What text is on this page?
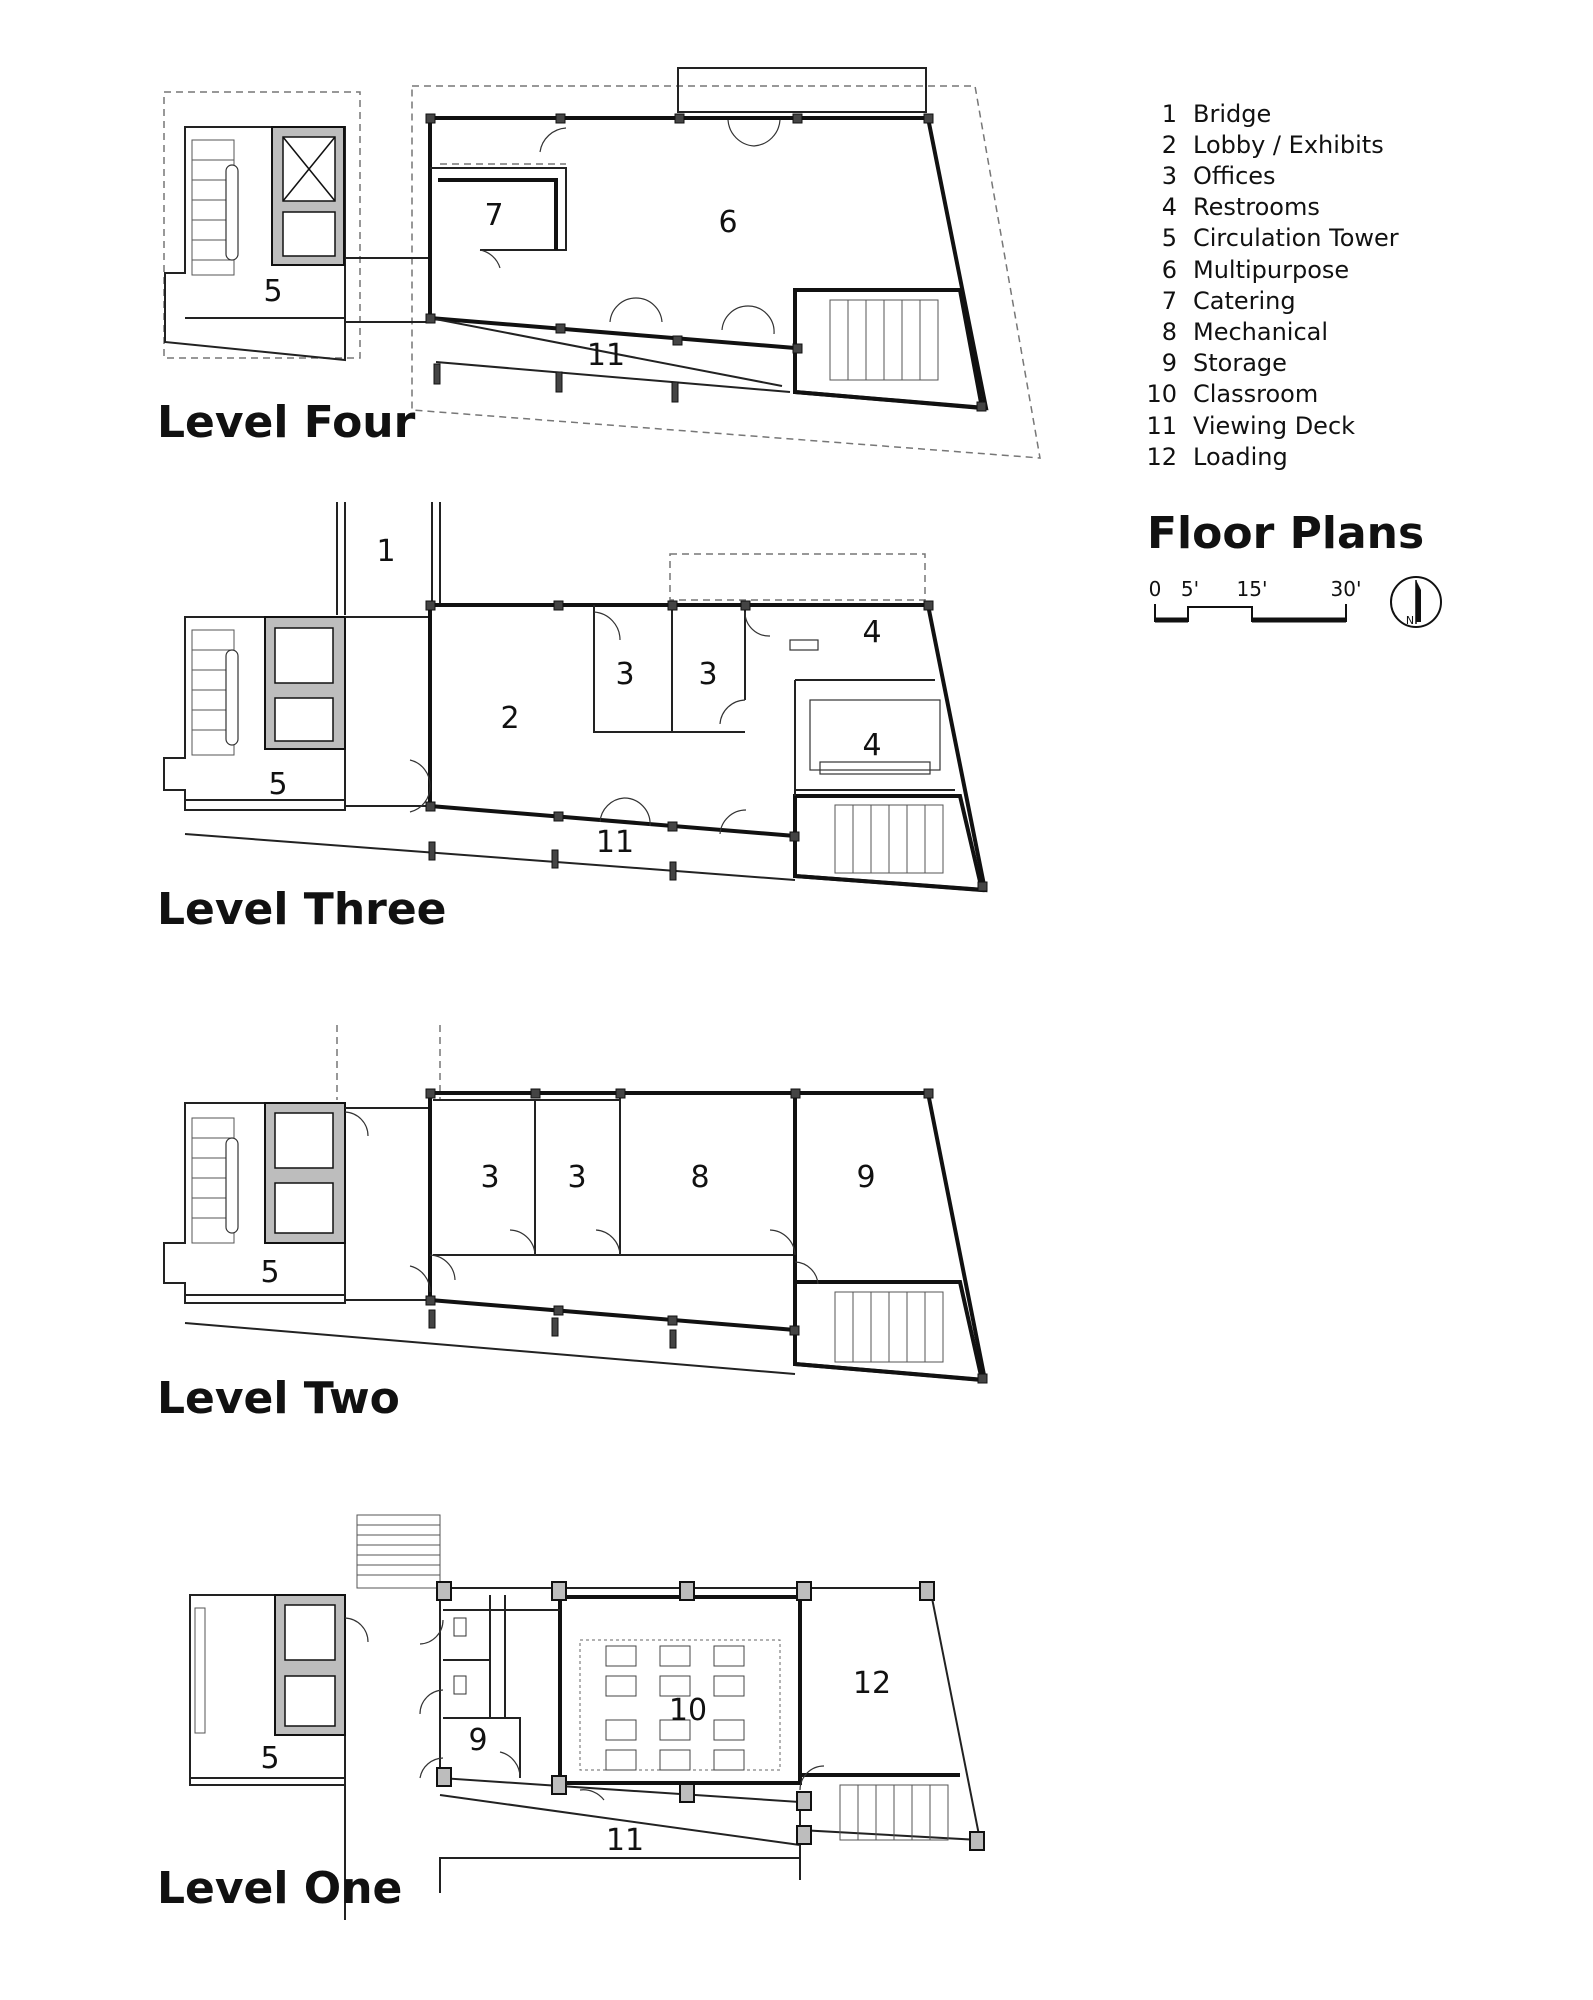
5
7	6
11
Level Four
1
2
3 3
4
4
5
11
Level Three
3 3	8	9
5
Level Two
5
9
10
12
11
Level One
1 Bridge
2 Lobby / Exhibits
3 Offices
4 Restrooms
5 Circulation Tower
6 Multipurpose
7 Catering
8 Mechanical
9 Storage
10 Classroom
11 Viewing Deck
12 Loading
Floor Plans
0 5' 15'	30'
N
